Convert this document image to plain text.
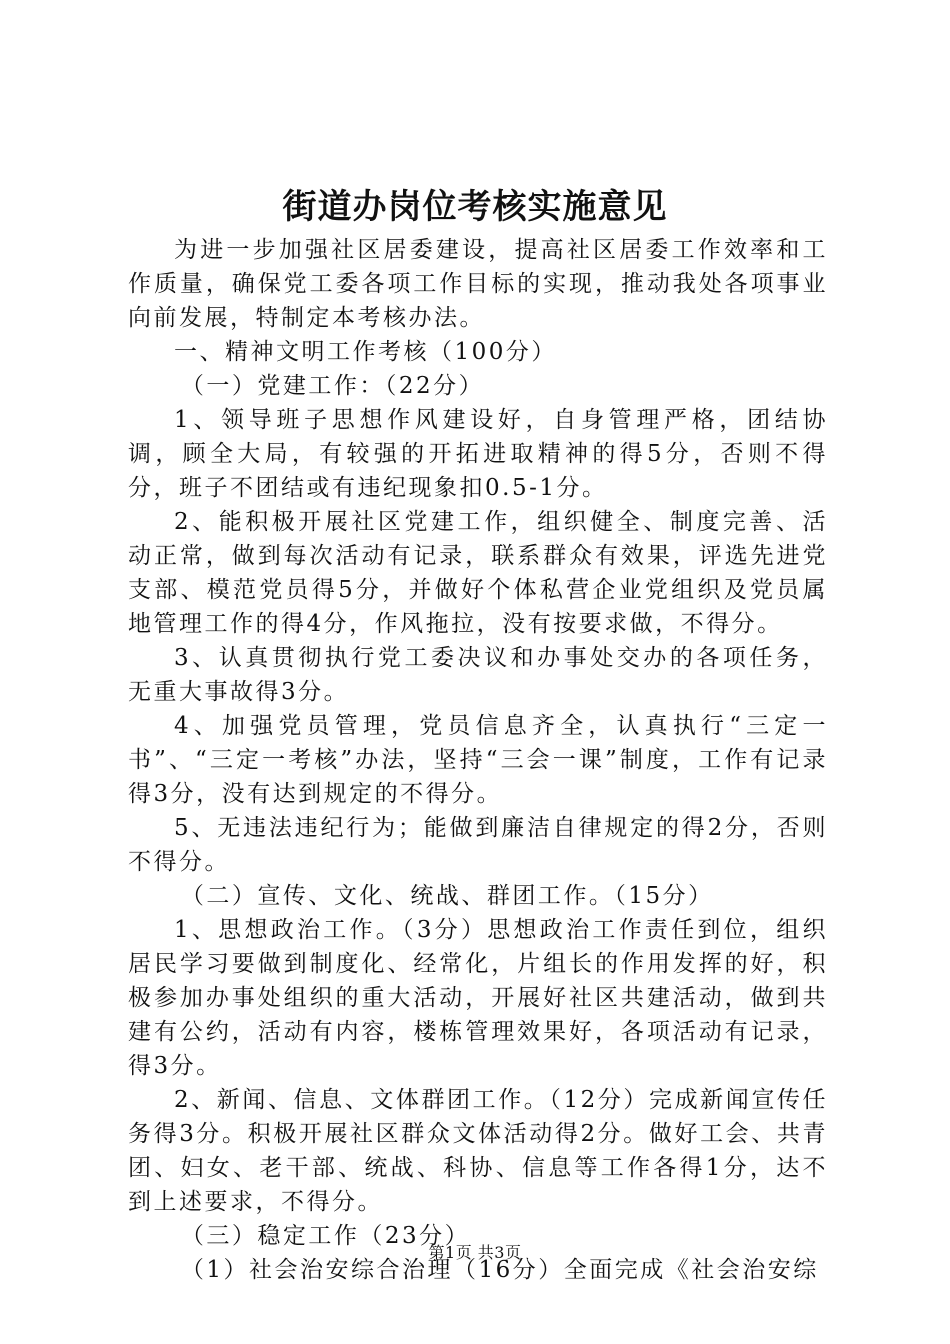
街道办岗位考核实施意见

为进一步加强社区居委建设，提高社区居委工作效率和工作质量，确保党工委各项工作目标的实现，推动我处各项事业向前发展，特制定本考核办法。

一、精神文明工作考核（100分）

（一）党建工作：（22分）

1、领导班子思想作风建设好，自身管理严格，团结协调，顾全大局，有较强的开拓进取精神的得5分，否则不得分，班子不团结或有违纪现象扣0.5-1分。

2、能积极开展社区党建工作，组织健全、制度完善、活动正常，做到每次活动有记录，联系群众有效果，评选先进党支部、模范党员得5分，并做好个体私营企业党组织及党员属地管理工作的得4分，作风拖拉，没有按要求做，不得分。

3、认真贯彻执行党工委决议和办事处交办的各项任务，无重大事故得3分。

4、加强党员管理，党员信息齐全，认真执行“三定一书”、“三定一考核”办法，坚持“三会一课”制度，工作有记录得3分，没有达到规定的不得分。

5、无违法违纪行为；能做到廉洁自律规定的得2分，否则不得分。

（二）宣传、文化、统战、群团工作。（15分）

1、思想政治工作。（3分）思想政治工作责任到位，组织居民学习要做到制度化、经常化，片组长的作用发挥的好，积极参加办事处组织的重大活动，开展好社区共建活动，做到共建有公约，活动有内容，楼栋管理效果好，各项活动有记录，得3分。

2、新闻、信息、文体群团工作。（12分）完成新闻宣传任务得3分。积极开展社区群众文体活动得2分。做好工会、共青团、妇女、老干部、统战、科协、信息等工作各得1分，达不到上述要求，不得分。

（三）稳定工作（23分）

（1）社会治安综合治理（16分）全面完成《社会治安综

第1页 共3页
